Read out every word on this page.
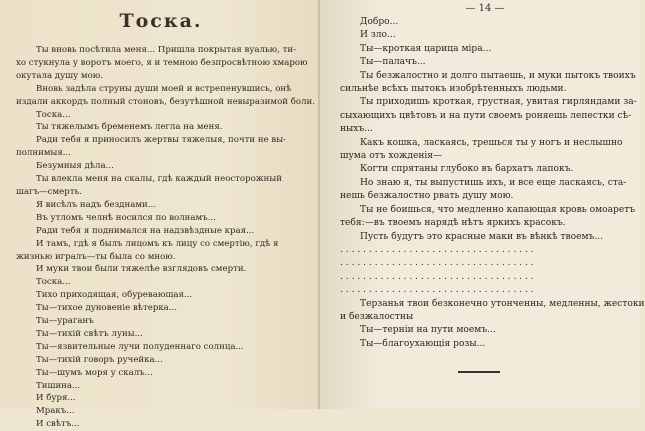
Тоска.
Ты вновь посѣтила меня... Пришла покрытая вуалью, ти-
хо стукнула у воротъ моего, я и темною безпросвѣтною хмарою
окутала душу мою.
Вновь задѣла струны души моей и встрепенувшись, онѣ
издали аккордъ полный стоновъ, безутѣшной невыразимой боли.
Тоска...
Ты тяжелымъ бременемъ легла на меня.
Ради тебя я приносилъ жертвы тяжелыя, почти не вы-
полнимыя...
Безумныя дѣла...
Ты влекла меня на скалы, гдѣ каждый неосторожный
шагъ—смерть.
Я висѣлъ надъ безднами...
Въ утломъ челнѣ носился по волнамъ...
Ради тебя я поднимался на надзвѣздные края...
И тамъ, гдѣ я былъ лицомъ къ лицу со смертію, гдѣ я
жизнью игралъ—ты была со мною.
И муки твои были тяжелѣе взглядовъ смерти.
Тоска...
Тихо приходящая, обуревающая...
Ты—тихое дуновеніе вѣтерка...
Ты—ураганъ
Ты—тихій свѣтъ луны...
Ты—язвительные лучи полуденнаго солнца...
Ты—тихій говоръ ручейка...
Ты—шумъ моря у скалъ...
Тишина...
И буря...
Мракъ...
И свѣтъ...
— 14 —
Добро...
И зло...
Ты—кроткая царица міра...
Ты—палачъ...
Ты безжалостно и долго пытаешь, и муки пытокъ твоихъ
сильнѣе всѣхъ пытокъ изобрѣтенныхъ людьми.
Ты приходишь кроткая, грустная, увитая гирляндами за-
сыхающихъ цвѣтовъ и на пути своемъ роняешь лепестки сѣ-
ныхъ...
Какъ кошка, ласкаясь, трешься ты у ногъ и неслышно
шума отъ хожденія—
Когти спрятаны глубоко въ бархатъ лапокъ.
Но знаю я, ты выпустишь ихъ, и все еще ласкаясь, ста-
нешь безжалостно рвать душу мою.
Ты не боишься, что медленно капающая кровь омоаретъ
тебя:—въ твоемъ нарядѣ нѣтъ яркихъ красокъ.
Пусть будутъ это красные маки въ вѣнкѣ твоемъ...
. . . . . . . . . . . . . . . . . . . . . . . . . . . . . . . . . .
. . . . . . . . . . . . . . . . . . . . . . . . . . . . . . . . . .
. . . . . . . . . . . . . . . . . . . . . . . . . . . . . . . . . .
. . . . . . . . . . . . . . . . . . . . . . . . . . . . . . . . . .
Терзанья твои безконечно утонченны, медленны, жестоки
и безжалостны
Ты—терніи на пути моемъ...
Ты—благоухающія розы...
